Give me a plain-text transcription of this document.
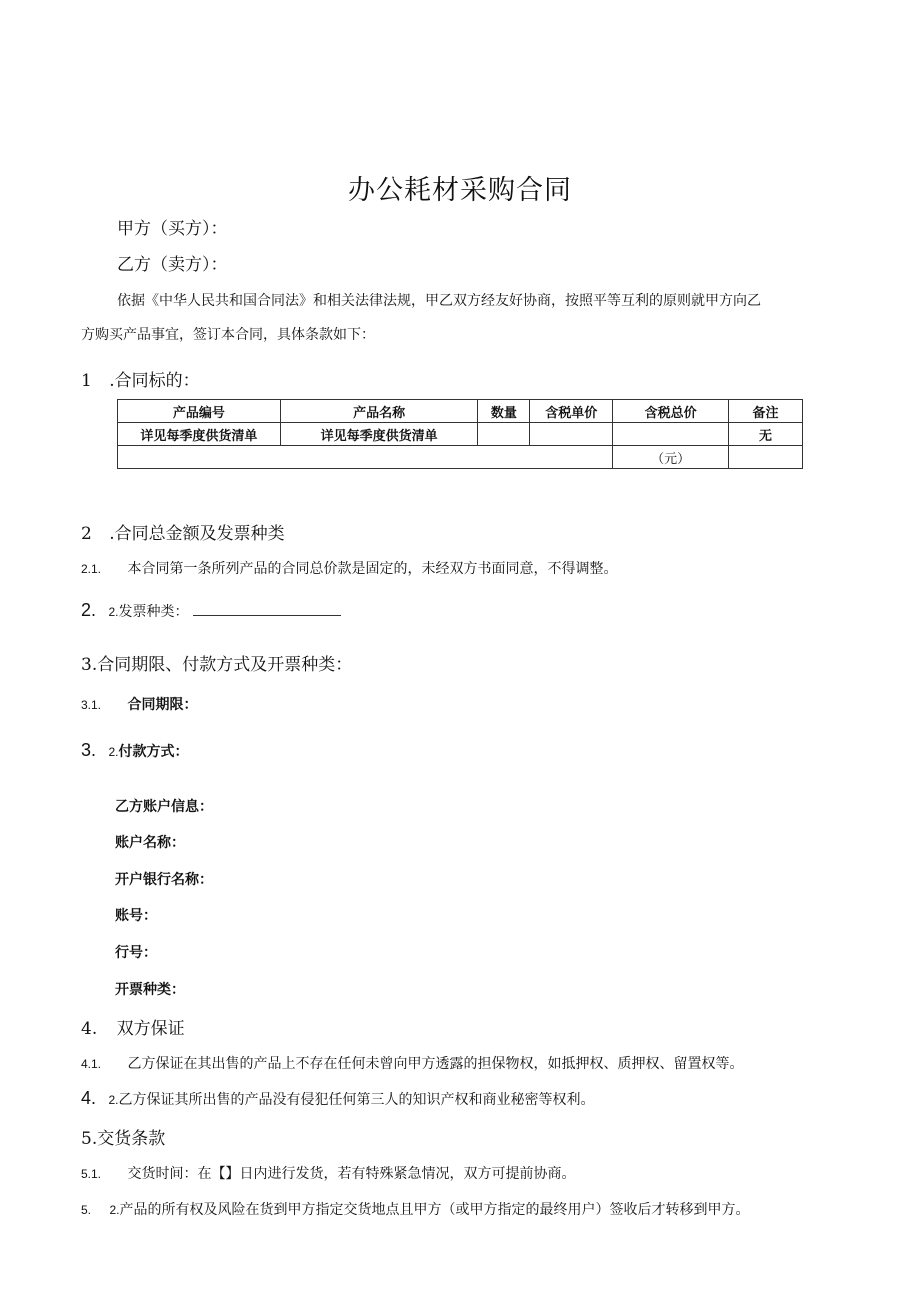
办公耗材采购合同
甲方（买方）：
乙方（卖方）：
依据《中华人民共和国合同法》和相关法律法规，甲乙双方经友好协商，按照平等互利的原则就甲方向乙
方购买产品事宜，签订本合同，具体条款如下：
1 .合同标的：
产品编号	产品名称	数量	含税单价	含税总价	备注
详见每季度供货清单	详见每季度供货清单				无
				（元）	
2 .合同总金额及发票种类
2.1. 本合同第一条所列产品的合同总价款是固定的，未经双方书面同意，不得调整。
2. 2.发票种类：
3.合同期限、付款方式及开票种类：
3.1. 合同期限：
3. 2.付款方式：
乙方账户信息：
账户名称：
开户银行名称：
账号：
行号：
开票种类：
4. 双方保证
4.1. 乙方保证在其出售的产品上不存在任何未曾向甲方透露的担保物权，如抵押权、质押权、留置权等。
4. 2.乙方保证其所出售的产品没有侵犯任何第三人的知识产权和商业秘密等权利。
5.交货条款
5.1. 交货时间：在【】日内进行发货，若有特殊紧急情况，双方可提前协商。
5. 2.产品的所有权及风险在货到甲方指定交货地点且甲方（或甲方指定的最终用户）签收后才转移到甲方。
